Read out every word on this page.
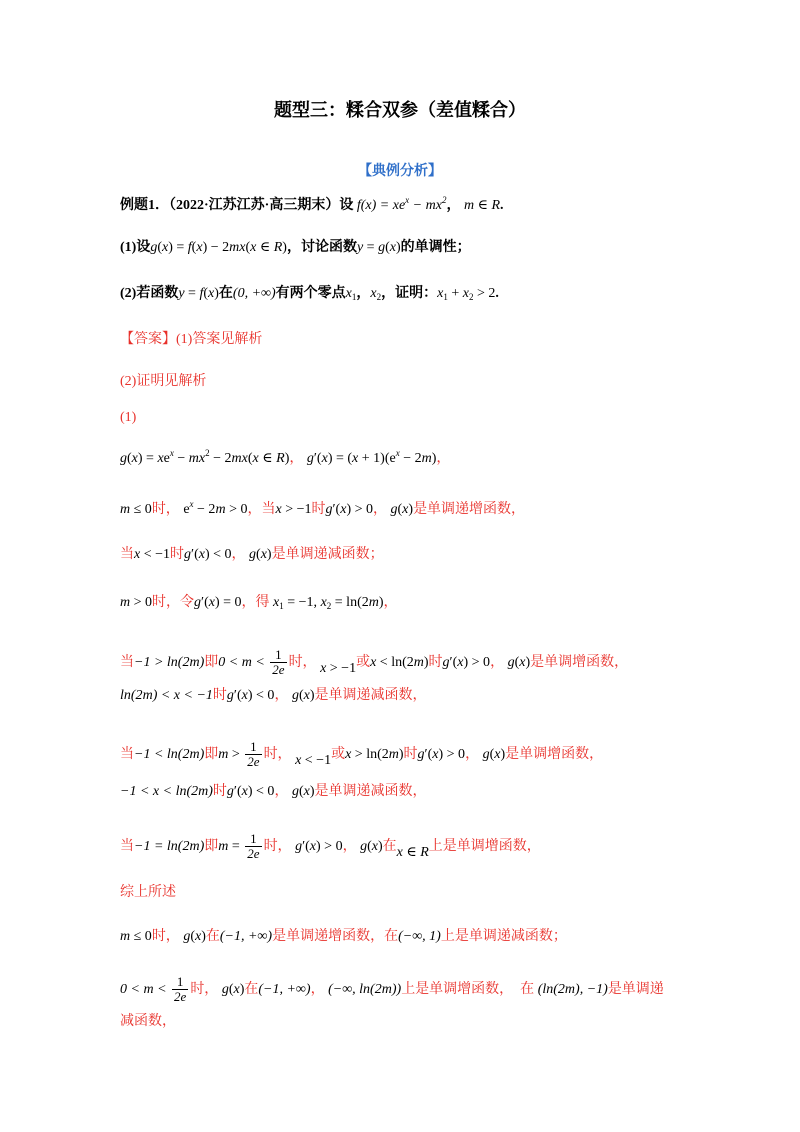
题型三：糅合双参（差值糅合）
【典例分析】
例题1．（2022·江苏江苏·高三期末）设 $f(x) = xe^x - mx^2$， m ∈ R.
(1)设g(x) = f(x) − 2mx(x ∈ R)，讨论函数y = g(x)的单调性；
(2)若函数y = f(x)在(0, +∞)有两个零点$x_1$，$x_2$，证明：$x_1 + x_2 > 2$.
【答案】(1)答案见解析
(2)证明见解析
(1)
$g(x) = xe^x - mx^2 - 2mx(x$ ∈ R)， $g'(x) = (x + 1)(e^x - 2m)$，
m ≤ 0时， $e^x - 2m > 0$，当x > −1时g′(x) > 0， g(x)是单调递增函数，
当x < −1时g′(x) < 0， g(x)是单调递减函数；
m > 0时，令g′(x) = 0，得 $x_1 = -1$, $x_2 = \ln(2m)$，
当−1 > ln(2m)即$0 < m < \frac{1}{2e}$ 时， x > −1或x < ln(2m)时g′(x) > 0， g(x)是单调增函数，
ln(2m) < x < −1时g′(x) < 0， g(x)是单调递减函数，
当−1 < ln(2m)即$m > \frac{1}{2e}$ 时， x < −1或x > ln(2m)时g′(x) > 0， g(x)是单调增函数，
−1 < x < ln(2m)时g′(x) < 0， g(x)是单调递减函数，
当−1 = ln(2m)即$m = \frac{1}{2e}$ 时， g′(x) > 0， g(x)在x ∈ R上是单调增函数，
综上所述
m ≤ 0时， g(x)在(−1, +∞)是单调递增函数，在(−∞, 1)上是单调递减函数；
$0 < m < \frac{1}{2e}$ 时， g(x)在(−1, +∞)， (−∞, ln(2m))上是单调增函数，　在 (ln(2m), −1)是单调递
减函数，
